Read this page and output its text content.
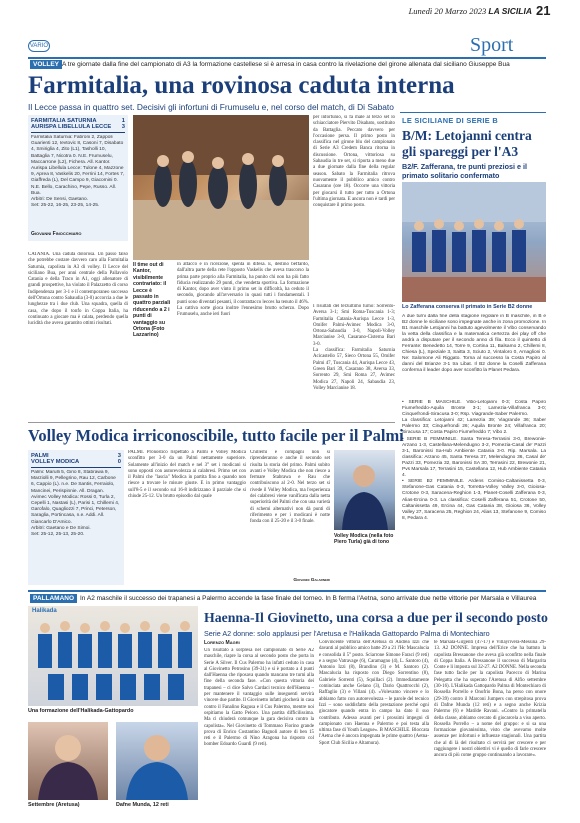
Lunedì 20 Marzo 2023 LA SICILIA 21
VARIO	Sport
VOLLEY A tre giornate dalla fine del campionato di A3 la formazione castellese si è arresa in casa contro la rivelazione del girone allenata dal siciliano Giuseppe Bua
Farmitalia, una rovinosa caduta interna
Il Lecce passa in quattro set. Decisivi gli infortuni di Frumuselu e, nel corso del match, di Di Sabato
FARMITALIA SATURNIA	1
AURISPA LIBELLULA LECCE 3
Farmitalia Saturnia: Fabroni 2, Zappoli Guarienti 12, Ievtovic 8, Casoni 7, Disabato 4, Smiriglia 4, Zito (L1), Tasholli 10, Battaglia 7, Nicotra 0. N.E. Frumuselu, Maccarrone (L2), Fichera. All. Kantor.
Aurispa Libellula Lecce: Tulone 4, Mazzone 9, Aprea 8, Vaskelis 20, Ferrini 14, Fortes 7, Giaffreda (L), Del Campo 9, Giacomini 0. N.E. Bello, Carachino, Pepe, Russo. All. Bua.
Arbitri: De Sensi, Gaetano.
Set: 25-22, 16-25, 23-25, 14-25.
Giovanni Finocchiaro
CATANIA. Una caduta dolorosa. Un passo falso che potrebbe costare davvero caro alla Farmitalia Saturnia, capolista in A3 di volley. Il Lecce del siciliano Bua, per anni centrale della Pallavolo Catania e della Traco in A1, oggi allenatore di grandi prospettive, ha violato il Palazzetto di corso Indipendenza per 3-1 e il contemporaneo successo dell'Ortona contro Sabaudia (3-0) accorcia a due le lunghezze tra i due club. Una squadra, quella di casa, che dopo il tonfo in Coppa Italia, ha continuato a giocare ma è calata, perdendo quella lucidità che aveva garantito ottimi risultati.
Il time out di Kantor, visibilmente contrariato: il Lecce è passato in quattro parziali riducendo a 2 i punti di vantaggio su Ortona (Foto Lazzarino)
in attacco e in ricezione, spenta in difesa. E, destino beffardo, dall'altra parte della rete l'opposto Vaskelis che aveva trascorso la prima parte proprio alla Farmitalia, ha punito chi non ha più fatto fiducia realizzando 29 punti, che vendetta sportiva. La formazione di Kantor, dopo aver vinto il primo set in difficoltà, ha ceduto il secondo, giocando all'avversario in quasi tutti i fondamentali. I punti sono diventati pesanti, il contrattacco lecces ha tenuto il 46%. La cattiva sorte gioca inoltre l'ennesimo brutto scherzo. Dopo Frumuselu, anche ieri fuori
per infortunio, si fa male al terzo set lo schiacciatore Piervito Disabato, sostituito da Battaglia. Peccato davvero per l'occasione persa. Il primo posto in classifica nel girone blu del campionato di Serie A3 Credem Banca ritorna in discussione. Ortona, vittoriosa su Sabaudia in tre set, si riporta a meno due a due giornate dalla fine della regular season. Sabato la Farmitalia ritrova nuovamente il pubblico amico contro Casarano (ore 18). Occorre una vittoria per giocarsi il tutto per tutto a Ortona l'ultima giornata. E ancora non è tardi per conquistare il primo posto.
I risultati del terzultimo turno: Sorrento-Aversa 3-1; Smi Roma-Tuscania 1-3; Farmitalia Catania-Aurispa Lecce 1-3, Omifer Palmi-Avimec Modica 3-0, Ortona-Sabaudia 3-0, Napoli-Volley Marcianise 3-0, Casarano-Cisterna Bari 3-0.
La classifica: Farmitalia Saturnia Acicastello 57, Sieco Ortona 55, Omifer Palmi 47, Tuscania 44, Aurispa Lecce 43, Green Bari 39, Casarano 38, Aversa 33, Sorrento 29, Smi Roma 27, Avimec Modica 27, Napoli 24, Sabaudia 23, Volley Marcianise 18.
LE SICILIANE DI SERIE B
B/M: Letojanni centra gli spareggi per l'A3
B2/F. Zafferana, tre punti preziosi e il primato solitario confermato
Lo Zafferana conserva il primato in Serie B2 donne
A due turni dalla fine della stagione regolare in B maschile, in B e B2 donne le siciliane sono impegnate anche in zona promozione. In B1 maschile Letojanni ha battuto agevolmente il Vibo conservando la vetta della classifica e la matematica certezza dei play off che andrà a disputare per il secondo anno di fila. Ecco il quintetto di Ferrante: Benedetto 14, Torre 9, Cortina 11, Balsamo 2, Chillemi 8, Chiesa (L), Speziale 3, Saitta 3, Sciuto 2, Vintaloro 0, Arnaglioni 0. Ne: Salomone Ali Riggato. Torna al successo la Costa Papiro al danni del Brianze 3-1 tra Libat. Il B2 donne la Coselli Zafferana conferma il leader dopo aver sconfitto la Planet Pedara.
• SERIE B MASCHILE. Vibo-Letojanni 0-3; Costa Papiro Fiumefreddo-Aquila Bronte 3-1; Lamezia-Villafranca 3-0; Cinquefrondi-Siracusa 3-0; Rsp. Viagrande-Saber Palermo.
La classifica: Letojanni 42; Lamezia 39; Viagrande 36; Saber Palermo 33; Cinquefrondi 26; Aquila Bronte 24; Villafranca 20; Siracusa 17; Costa Papiro Fiumefreddo 7; Vibo 2.
• SERIE B FEMMINILE. Santa Teresa-Terrasini 3-0, Brewonie-Arzano 1-3, Castellana-Melendugno 3-2, Pomezia-Casal de' Pazzi 3-1, Baronissi Sa-Hub Ambiente Catania 3-0. Rip. Marsala. La classifica: Arzano 45, Santa Teresa 37, Melendugno 36, Casal de' Pazzi 33, Pomezia 32, Baronissi SA 30, Terrasini 22, Brewonie 21, Pvs Marsala 17, Terrasini 15, Castellana 12, Hub Ambiente Catania 4.
• SERIE B2 FEMMINILE. Ardens Comiso-Caltanissetta 0-3, Stefanone-Gas Catania 0-3, Torretta-Volley Valley 3-0, Gioiosa-Crotone 0-3, Saracena-Reghion 1-3, Planet-Coselli Zafferana 0-3, Alias-Ercina 0-3. La classifica: Coselli Zafferana 51, Crotone 50, Caltanissetta 49, Ercina 44, Gas Catania 38, Gioiosa 36, Volley Valley 27, Saracena 25, Reghion 24, Alias 13, Stefanone 9, Comiso 8, Pedara 4.
Volley Modica irriconoscibile, tutto facile per il Palmi
PALMI	3
VOLLEY MODICA	0
Palmi: Marulli 5, Girio 8, Stabrawa 9, Marziolli 9, Pellegrino, Rau 12, Carbone 6, Cappio (L). n.e. De Santis, Ferraiolo, Mancinei, Perispinnie. All. Dragan.
Avimec Volley Modica: Rossi 0, Turla 2, Cepelli 1, Nastasi (L), Parisi 1, Chillemi 4, Garofalo, Quagliozzi 7, Princi, Peterson, Saraglia, Portincasa, n.e. Addi. All. Giancarlo D'Amico.
Arbitri: Gaetano e De Simoi.
Set: 25-12, 25-13, 25-20.
PALMI. Pronostico rispettato a Palmi e Volley Modica sconfitto per 3-0 da un Palmi nettamente superiore. Solamente all'inizio del match e nel 3° set i modicani si sono opposti con autorevolezza ai calabresi. Primo set con il Palmi che "lascia" Modica in partita fino a quando non riesce a trovare le misure giuste. E in primo vantaggio sull'8-5 e il secondo sul 16-8 indirizzano il parziale che si chiude 25-12. Un brutto episodio dal quale
Chillemi e compagni non si riprenderanno e anche il secondo set risulta la storia del primo. Palmi subito avanti e Volley Modica che non riesce a fermare Stabrawa e Rau che contribuiscono al 2-0. Nel terzo set si rivede il Volley Modica, ma l'esperienza dei calabresi viene vanificata dalla netta superiorità del Palmi che con una varietà di schemi alternativi non dà punti di riferimento e per i modicani è notte fonda con il 25-20 e il 3-0 finale.
Giovanni Galarneri
Volley Modica (nella foto Piero Turla) già di tono
PALLAMANO In A2 maschile il successo dei trapanesi a Palermo accende la fase finale del torneo. In B ferma l'Aetna, sono arrivate due nette vittorie per Marsala e Villaurea
Halikada
Una formazione dell'Halikada-Gattopardo
Settembre (Aretusa)	Dafne Munda, 12 reti
Haenna-Il Giovinetto, una corsa a due per il secondo posto
Serie A2 donne: solo applausi per l'Aretusa e l'Halikada Gattopardo Palma di Montechiaro
Lorenzo Magri
Un risultato a sorpresa nel campionato di Serie A2 maschile, riapre la corsa al secondo posto che porta in Serie A Silver. Il Cus Palermo ha infatti ceduto in casa al Giovinetto Petrosino (39-31) e si è portato a 4 punti dall'Haenna che riposava quando mancano tre turni alla fine della seconda fase. «Con questa vittoria dei trapanesi – ci dice Salvo Cardaci tecnico dell'Haenna – per mantenere il vantaggio sulle inseguenti servirà vincere due partite. Il Giovinetto infatti giocherà in casa contro il Fanalino Ragusa e il Cus Palermo, mentre noi ospitiamo la Gatto Peloro. Una partita difficilissima. Ma ci chiuderà comunque la gara decisiva contro la capolista». Nel Giovinetto di Tommaso Fiorino grande prova di Enrico Costantino Bagnoli autore di ben 15 reti e il Palermo di Nino Aragona ha risposto col bomber Edoardo Guardì (9 reti).
Convincente vittoria dell'Aretusa di Andrea Izzi che davanti al pubblico amico batte 29 a 21 l'Hc Mascalucia e consolida il 5° posto. Sciarrone Simone Faraci (9 reti) e a segno Vatravage (6), Caramagno (4), L. Santoro (4), Antonio Izzi (8), Brandino (3) e M. Santoro (2). Mascalucia ha risposto con Diego Sorrentino (8), Gabriele Sorrenti (5), Squillaci (2). Immediatamente cominciata anche Gelano (3), Dario Quattrocchi (2), Raffaglio (3) e Villani (4). «Volevamo vincere e lo abbiamo fatto con autorevolezza – le parole del tecnico Izzi – sono soddisfatto della prestazione perché ogni giocatore quando entra in campo ha dato il suo contributo. Adesso avanti per i prossimi impegni di campionato con Haenna e Palermo e poi testa alla ultima fase di Youth League». B MASCHILE. Bloccata l'Aetna che è ancora impegnata le prime quattro (Aetna-Sport Club Sicilia e Altamura).
te Marsala-Girgenti (47-17) e Villayrivera-Messina 29-13. A2 DONNE. Impresa dell'Erice che ha battuto la capolista Bressanone che aveva già sconfitto nella finale di Coppa Italia. A Bressanone il successo di Margarita Conte e li imposta sul 32-27. A2 DONNE. Nella seconda fase tutto facile per la capolista Pacecco di Marina Pelegatta che ha superato l'Aretusa di Alfio settembre (30-16). L'Halikada Gattopardo Palma di Montechiaro di Rossella Porrello e Onofrio Bona, ha perso con onore (29-39) contro il Marconi Jumpers con strepitosa prova di Dafne Munda (12 reti) e a segno anche Krizia Palermo (6) e Matilde Ravani. «Contro la primatella della classe, abbiamo cercato di giocarcela a viso aperto. Rossella Porrello – a nome del gruppo: e si sa una formazione giovanissima, visto che avevamo molte assenze per infortuni e influenze stagionali. Una partita che al di là del risultato ci servirà per crescere e per raggiungere i nostri obiettivi vi è quello di farle crescere ancora di più come gruppo continuando a lavorare».
